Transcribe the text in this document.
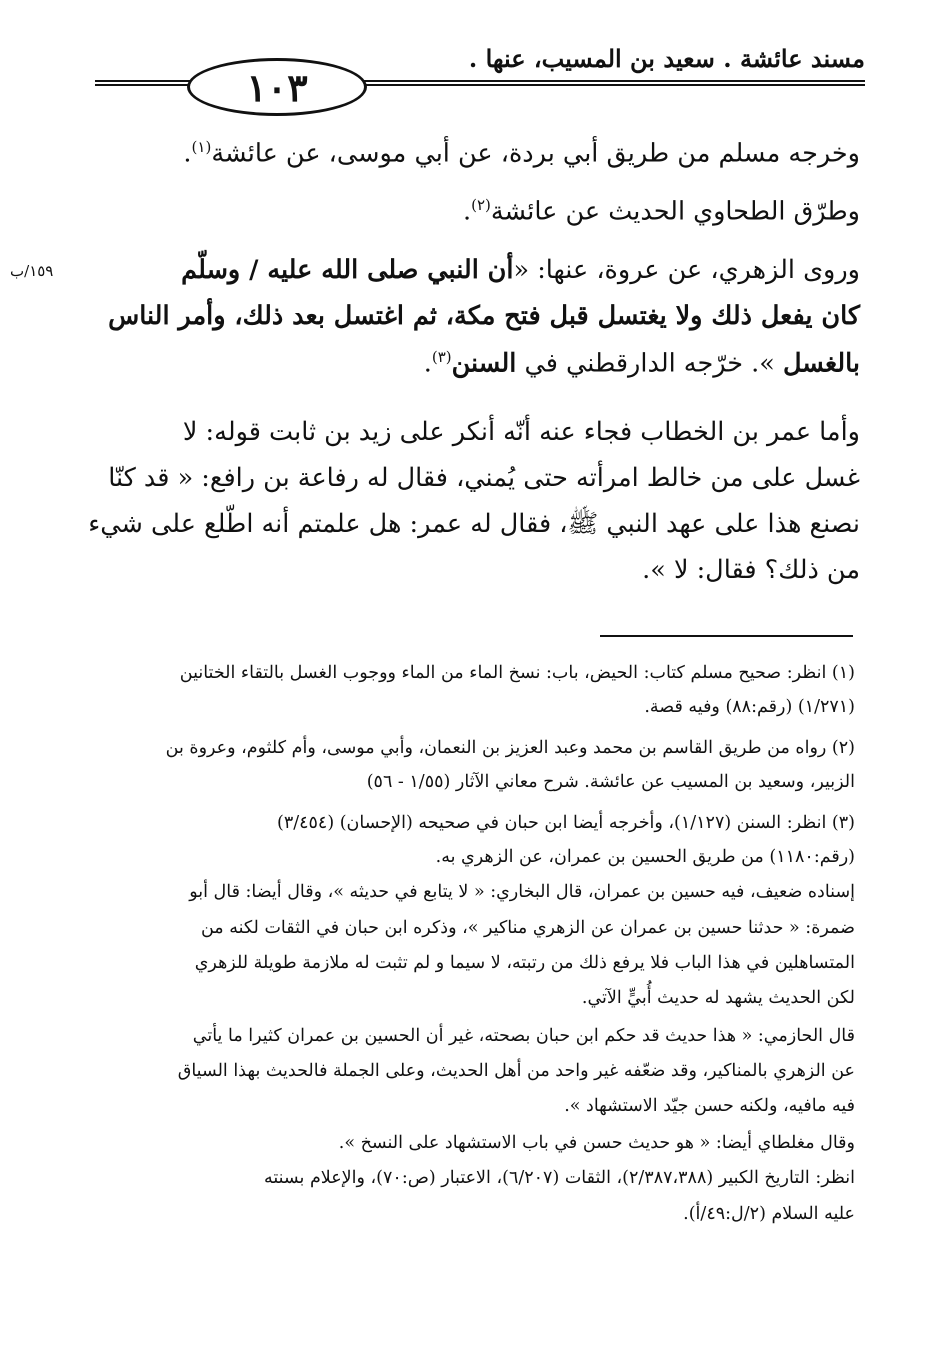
مسند عائشة . سعيد بن المسيب، عنها .
١٠٣
١٥٩/ب
وخرجه مسلم من طريق أبي بردة، عن أبي موسى، عن عائشة$^{(١)}$.
وطرّق الطحاوي الحديث عن عائشة$^{(٢)}$.
وروى الزهري، عن عروة، عنها: «أن النبي صلى الله عليه / وسلّم
كان يفعل ذلك ولا يغتسل قبل فتح مكة، ثم اغتسل بعد ذلك، وأمر الناس
بالغسل ». خرّجه الدارقطني في السنن$^{(٣)}$.
وأما عمر بن الخطاب فجاء عنه أنّه أنكر على زيد بن ثابت قوله: لا
غسل على من خالط امرأته حتى يُمني، فقال له رفاعة بن رافع: « قد كنّا
نصنع هذا على عهد النبي ﷺ، فقال له عمر: هل علمتم أنه اطّلع على شيء
من ذلك؟ فقال: لا ».
(١) انظر: صحيح مسلم كتاب: الحيض، باب: نسخ الماء من الماء ووجوب الغسل بالتقاء الختانين
(١/٢٧١) (رقم:٨٨) وفيه قصة.
(٢) رواه من طريق القاسم بن محمد وعبد العزيز بن النعمان، وأبي موسى، وأم كلثوم، وعروة بن
الزبير، وسعيد بن المسيب عن عائشة. شرح معاني الآثار (١/٥٥ - ٥٦)
(٣) انظر: السنن (١/١٢٧)، وأخرجه أيضا ابن حبان في صحيحه (الإحسان) (٣/٤٥٤)
(رقم:١١٨٠) من طريق الحسين بن عمران، عن الزهري به.
إسناده ضعيف، فيه حسين بن عمران، قال البخاري: « لا يتابع في حديثه »، وقال أيضا: قال أبو
ضمرة: « حدثنا حسين بن عمران عن الزهري مناكير »، وذكره ابن حبان في الثقات لكنه من
المتساهلين في هذا الباب فلا يرفع ذلك من رتبته، لا سيما و لم تثبت له ملازمة طويلة للزهري
لكن الحديث يشهد له حديث أُبيٍّ الآتي.
قال الحازمي: « هذا حديث قد حكم ابن حبان بصحته، غير أن الحسين بن عمران كثيرا ما يأتي
عن الزهري بالمناكير، وقد ضعّفه غير واحد من أهل الحديث، وعلى الجملة فالحديث بهذا السياق
فيه مافيه، ولكنه حسن جيّد الاستشهاد ».
وقال مغلطاي أيضا: « هو حديث حسن في باب الاستشهاد على النسخ ».
انظر: التاريخ الكبير (٢/٣٨٧،٣٨٨)، الثقات (٦/٢٠٧)، الاعتبار (ص:٧٠)، والإعلام بسنته
عليه السلام (٢/ل:٤٩/أ).
